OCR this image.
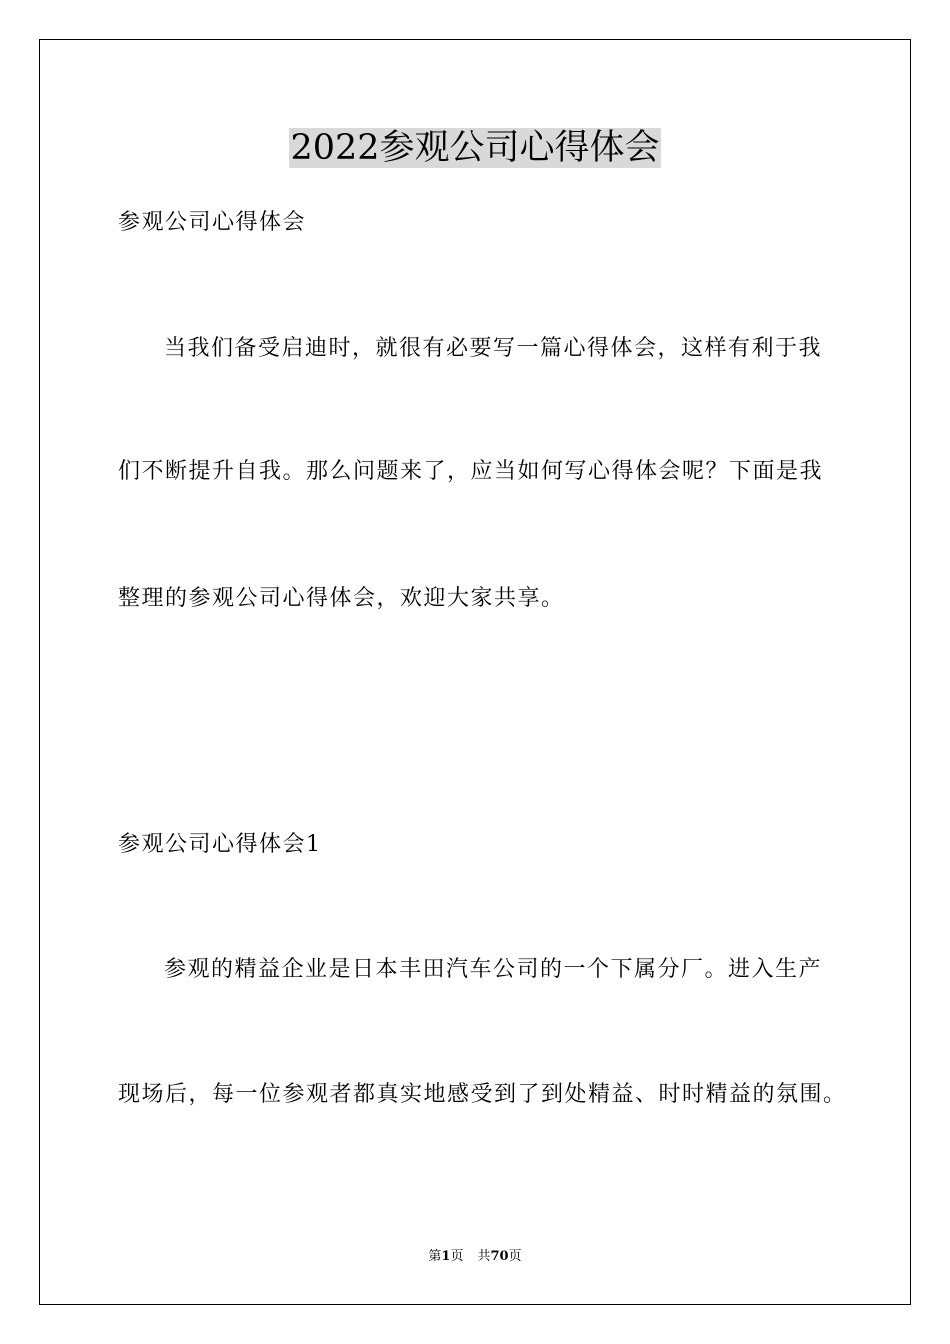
2022参观公司心得体会
参观公司心得体会
当我们备受启迪时，就很有必要写一篇心得体会，这样有利于我
们不断提升自我。那么问题来了，应当如何写心得体会呢？下面是我
整理的参观公司心得体会，欢迎大家共享。
参观公司心得体会1
参观的精益企业是日本丰田汽车公司的一个下属分厂。进入生产
现场后，每一位参观者都真实地感受到了到处精益、时时精益的氛围。
第1页 共70页
